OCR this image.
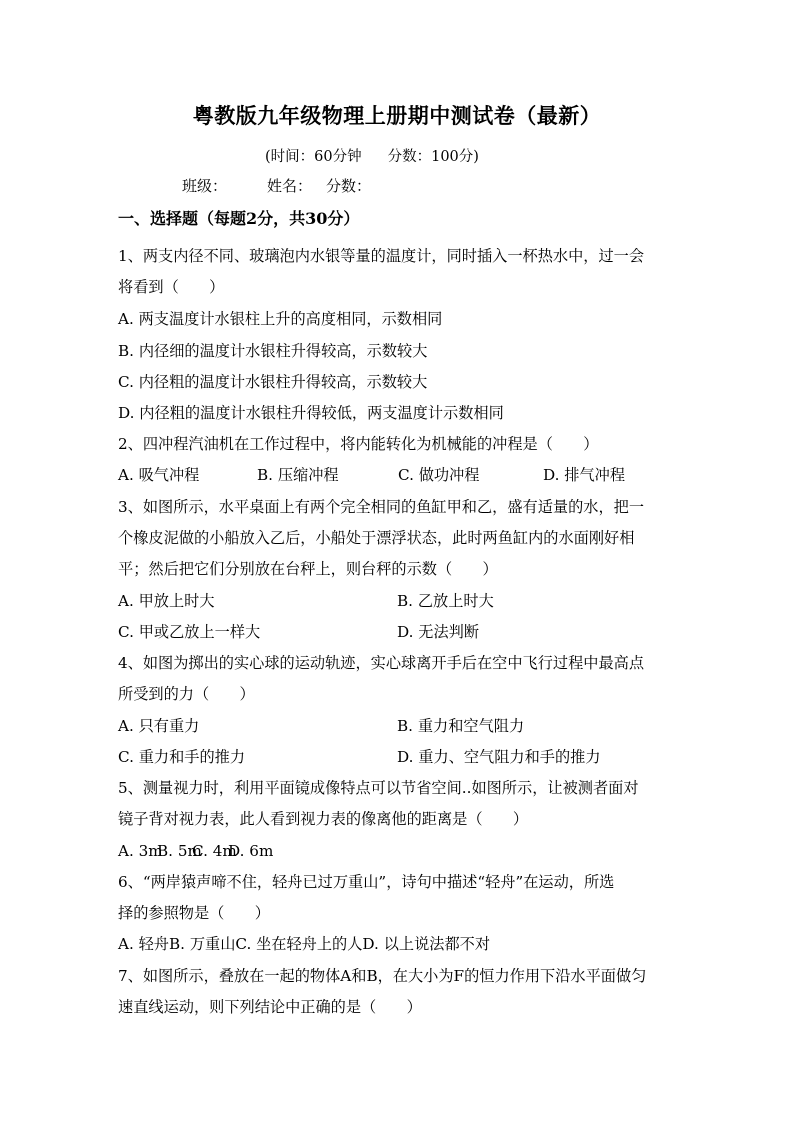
粤教版九年级物理上册期中测试卷（最新）
(时间：60分钟 分数：100分)
班级：	姓名： 分数：
一、选择题（每题2分，共30分）
1、两支内径不同、玻璃泡内水银等量的温度计，同时插入一杯热水中，过一会
将看到（　　）
A. 两支温度计水银柱上升的高度相同，示数相同
B. 内径细的温度计水银柱升得较高，示数较大
C. 内径粗的温度计水银柱升得较高，示数较大
D. 内径粗的温度计水银柱升得较低，两支温度计示数相同
2、四冲程汽油机在工作过程中，将内能转化为机械能的冲程是（　　）
A. 吸气冲程	B. 压缩冲程	C. 做功冲程	D. 排气冲程
3、如图所示，水平桌面上有两个完全相同的鱼缸甲和乙，盛有适量的水，把一
个橡皮泥做的小船放入乙后，小船处于漂浮状态，此时两鱼缸内的水面刚好相
平；然后把它们分别放在台秤上，则台秤的示数（　　）
A. 甲放上时大	B. 乙放上时大
C. 甲或乙放上一样大	D. 无法判断
4、如图为掷出的实心球的运动轨迹，实心球离开手后在空中飞行过程中最高点
所受到的力（　　）
A. 只有重力	B. 重力和空气阻力
C. 重力和手的推力	D. 重力、空气阻力和手的推力
5、测量视力时，利用平面镜成像特点可以节省空间..如图所示，让被测者面对
镜子背对视力表，此人看到视力表的像离他的距离是（　　）
A. 3mB. 5mC. 4mD. 6m
6、“两岸猿声啼不住，轻舟已过万重山”，诗句中描述“轻舟”在运动，所选
择的参照物是（　　）
A. 轻舟B. 万重山C. 坐在轻舟上的人D. 以上说法都不对
7、如图所示，叠放在一起的物体A和B，在大小为F的恒力作用下沿水平面做匀
速直线运动，则下列结论中正确的是（　　）
